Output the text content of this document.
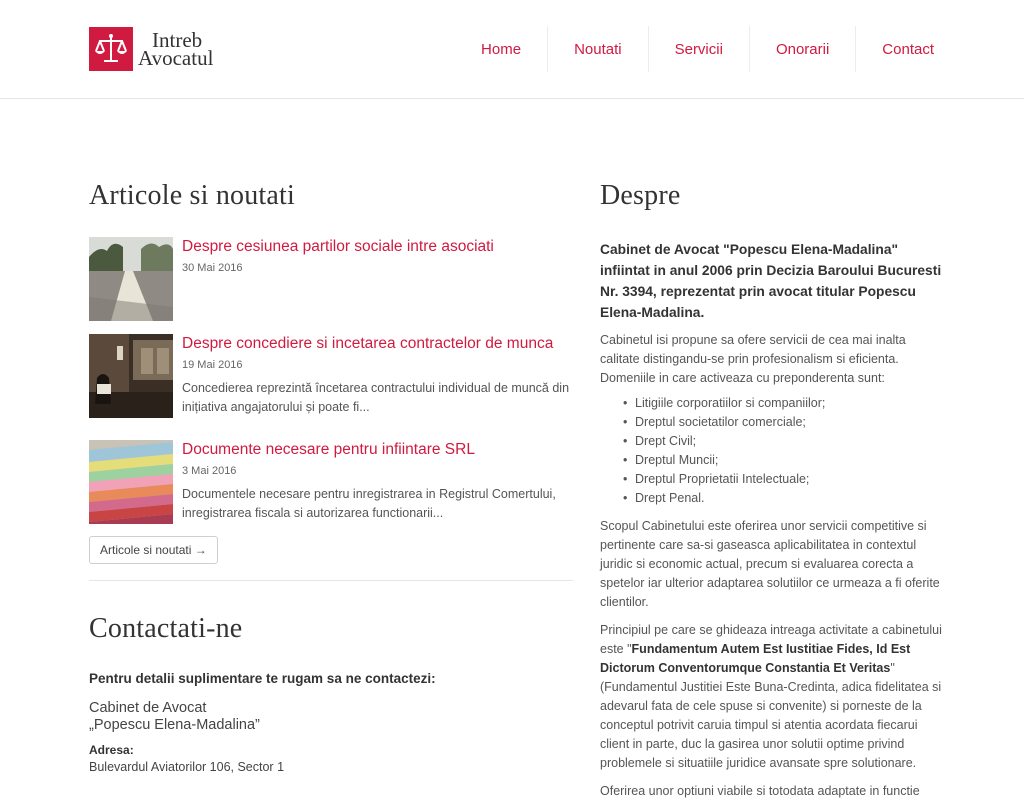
Intreb
Avocatul	Home	Noutati	Servicii	Onorarii	Contact
Articole si noutati
Despre cesiunea partilor sociale intre asociati
30 Mai 2016
Despre concediere si incetarea contractelor de munca
19 Mai 2016
Concedierea reprezintă încetarea contractului individual de muncă din inițiativa angajatorului și poate fi...
Documente necesare pentru infiintare SRL
3 Mai 2016
Documentele necesare pentru inregistrarea in Registrul Comertului, inregistrarea fiscala si autorizarea functionarii...
Articole si noutati →
Contactati-ne
Pentru detalii suplimentare te rugam sa ne contactezi:
Cabinet de Avocat
„Popescu Elena-Madalina”
Adresa:
Bulevardul Aviatorilor 106, Sector 1
Despre

Cabinet de Avocat "Popescu Elena-Madalina" infiintat in anul 2006 prin Decizia Baroului Bucuresti Nr. 3394, reprezentat prin avocat titular Popescu Elena-Madalina.

Cabinetul isi propune sa ofere servicii de cea mai inalta calitate distingandu-se prin profesionalism si eficienta. Domeniile in care activeaza cu preponderenta sunt:

• Litigiile corporatiilor si companiilor;
• Dreptul societatilor comerciale;
• Drept Civil;
• Dreptul Muncii;
• Dreptul Proprietatii Intelectuale;
• Drept Penal.

Scopul Cabinetului este oferirea unor servicii competitive si pertinente care sa-si gaseasca aplicabilitatea in contextul juridic si economic actual, precum si evaluarea corecta a spetelor iar ulterior adaptarea solutiilor ce urmeaza a fi oferite clientilor.

Principiul pe care se ghideaza intreaga activitate a cabinetului este "Fundamentum Autem Est Iustitiae Fides, Id Est Dictorum Conventorumque Constantia Et Veritas" (Fundamentul Justitiei Este Buna-Credinta, adica fidelitatea si adevarul fata de cele spuse si convenite) si porneste de la conceptul potrivit caruia timpul si atentia acordata fiecarui client in parte, duc la gasirea unor solutii optime privind problemele si situatiile juridice avansate spre solutionare.

Oferirea unor optiuni viabile si totodata adaptate in functie
